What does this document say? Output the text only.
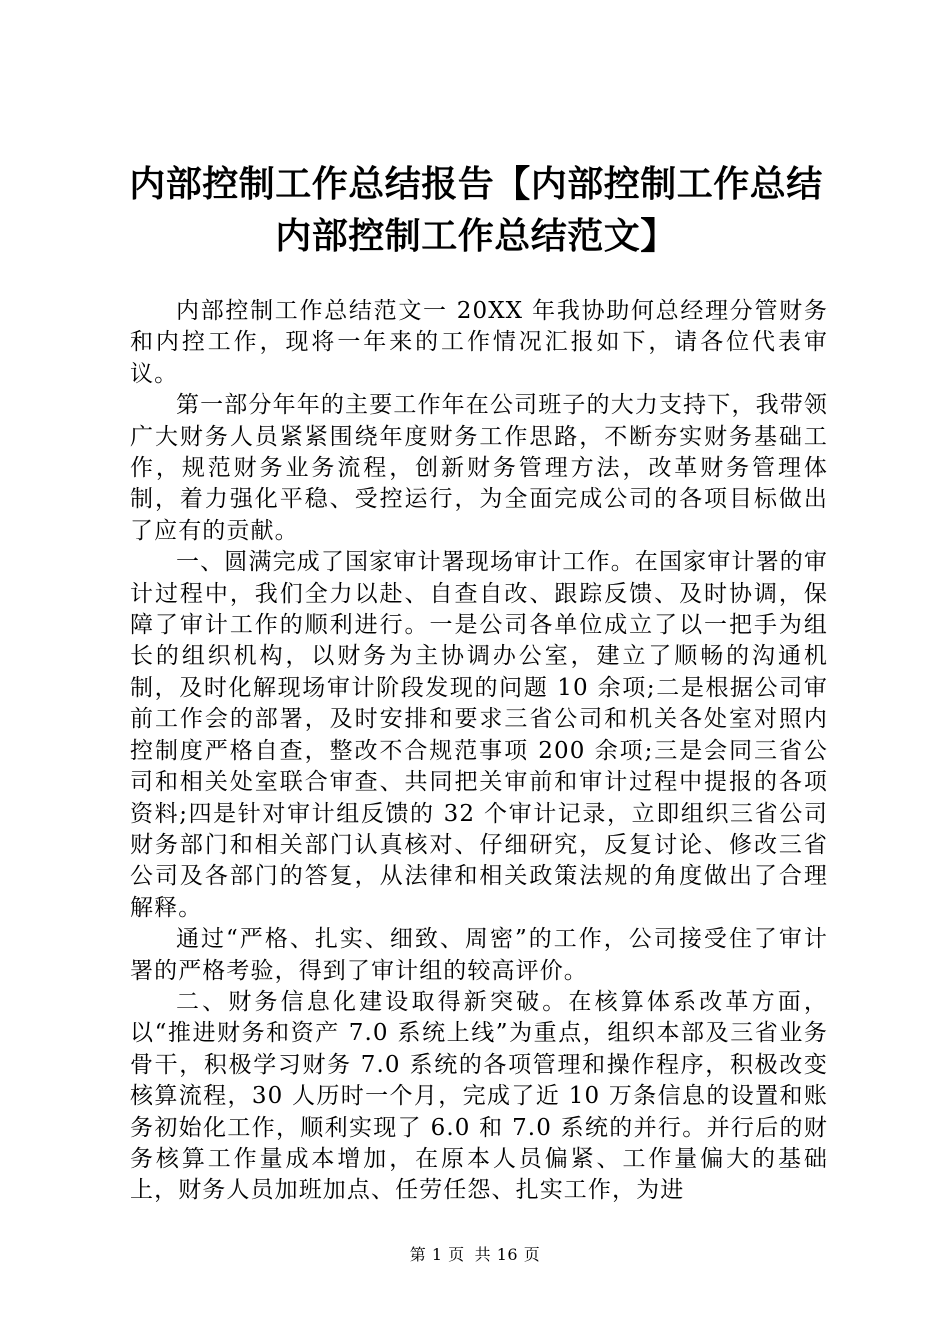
内部控制工作总结报告【内部控制工作总结内部控制工作总结范文】

内部控制工作总结范文一 20XX 年我协助何总经理分管财务和内控工作，现将一年来的工作情况汇报如下，请各位代表审议。

第一部分年年的主要工作年在公司班子的大力支持下，我带领广大财务人员紧紧围绕年度财务工作思路，不断夯实财务基础工作，规范财务业务流程，创新财务管理方法，改革财务管理体制，着力强化平稳、受控运行，为全面完成公司的各项目标做出了应有的贡献。

一、圆满完成了国家审计署现场审计工作。在国家审计署的审计过程中，我们全力以赴、自查自改、跟踪反馈、及时协调，保障了审计工作的顺利进行。一是公司各单位成立了以一把手为组长的组织机构，以财务为主协调办公室，建立了顺畅的沟通机制，及时化解现场审计阶段发现的问题 10 余项;二是根据公司审前工作会的部署，及时安排和要求三省公司和机关各处室对照内控制度严格自查，整改不合规范事项 200 余项;三是会同三省公司和相关处室联合审查、共同把关审前和审计过程中提报的各项资料;四是针对审计组反馈的 32 个审计记录，立即组织三省公司财务部门和相关部门认真核对、仔细研究，反复讨论、修改三省公司及各部门的答复，从法律和相关政策法规的角度做出了合理解释。

通过“严格、扎实、细致、周密”的工作，公司接受住了审计署的严格考验，得到了审计组的较高评价。

二、财务信息化建设取得新突破。在核算体系改革方面，以“推进财务和资产 7.0 系统上线”为重点，组织本部及三省业务骨干，积极学习财务 7.0 系统的各项管理和操作程序，积极改变核算流程，30 人历时一个月，完成了近 10 万条信息的设置和账务初始化工作，顺利实现了 6.0 和 7.0 系统的并行。并行后的财务核算工作量成本增加，在原本人员偏紧、工作量偏大的基础上，财务人员加班加点、任劳任怨、扎实工作，为进

第 1 页 共 16 页
